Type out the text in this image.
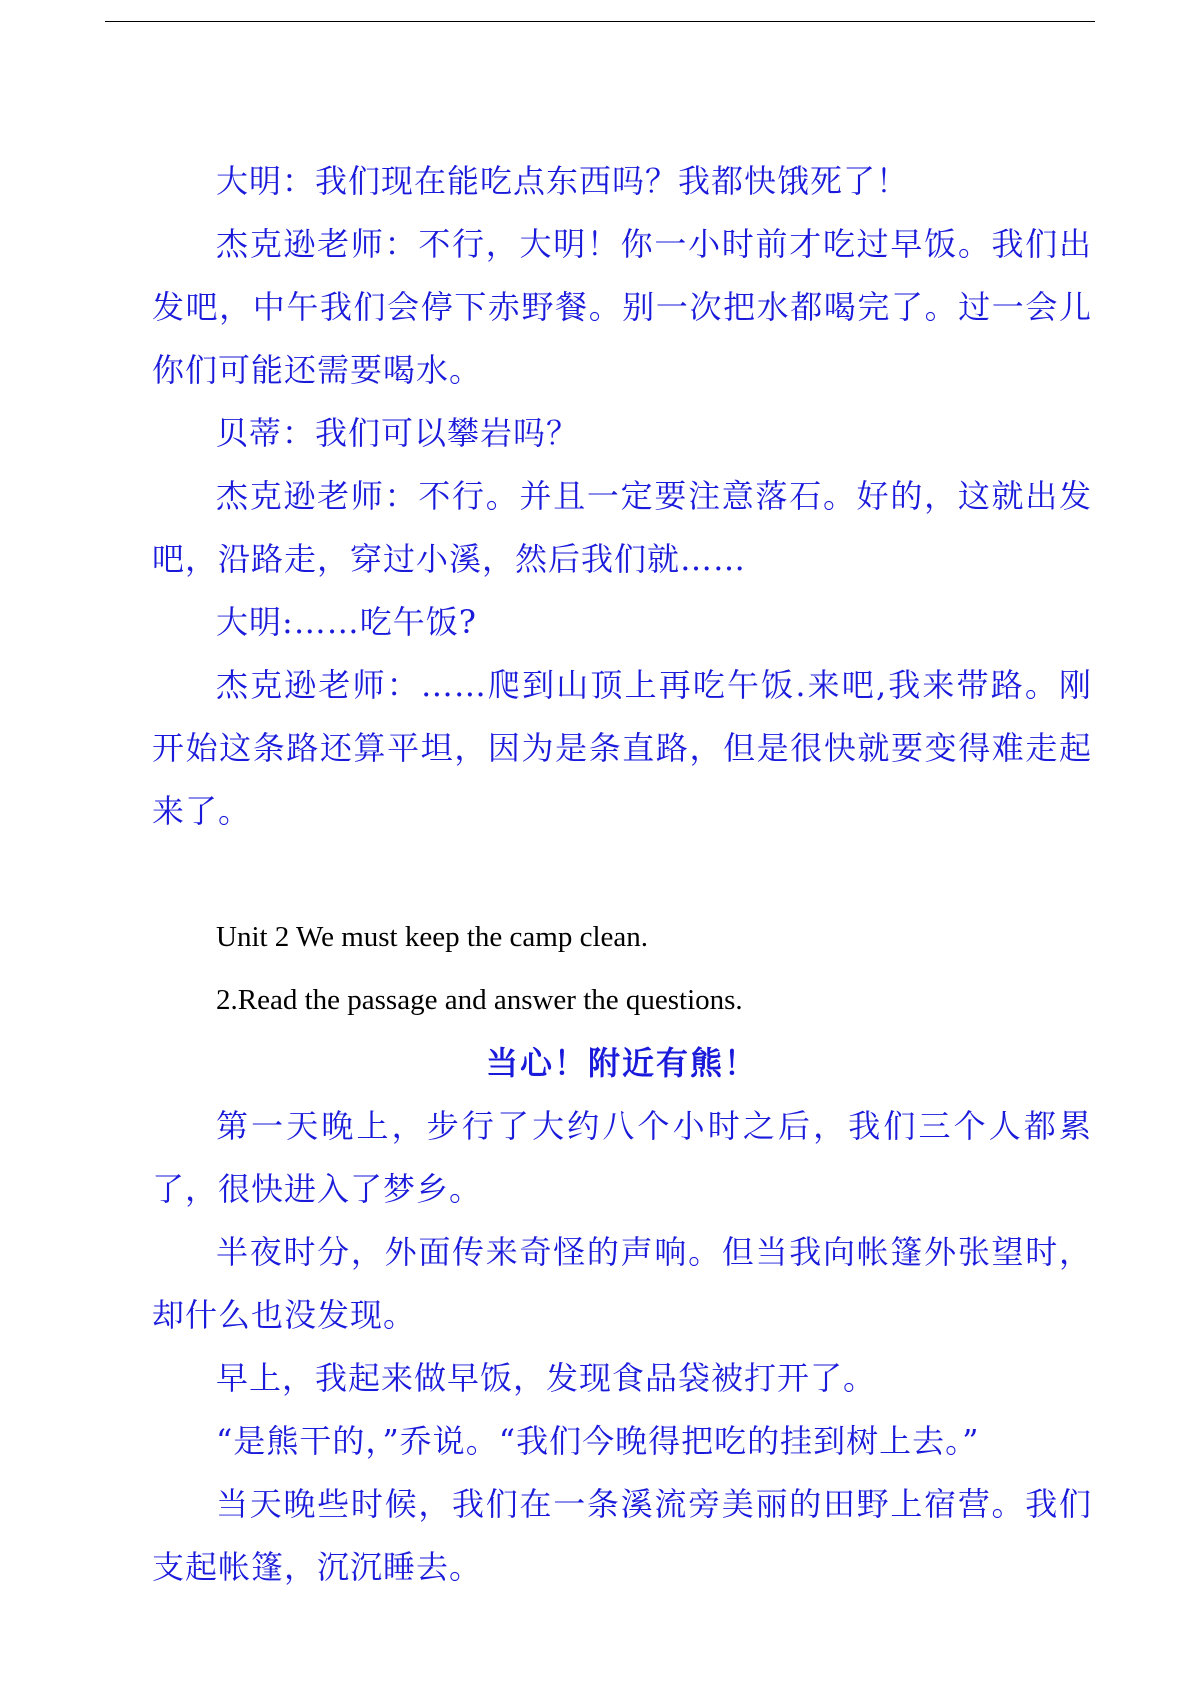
大明：我们现在能吃点东西吗？我都快饿死了！

杰克逊老师：不行，大明！你一小时前才吃过早饭。我们出发吧，中午我们会停下赤野餐。别一次把水都喝完了。过一会儿你们可能还需要喝水。

贝蒂：我们可以攀岩吗？

杰克逊老师：不行。并且一定要注意落石。好的，这就出发吧，沿路走，穿过小溪，然后我们就……

大明:……吃午饭?

杰克逊老师：……爬到山顶上再吃午饭.来吧,我来带路。刚开始这条路还算平坦，因为是条直路，但是很快就要变得难走起来了。

Unit 2 We must keep the camp clean.

2.Read the passage and answer the questions.

当心！附近有熊！

第一天晚上，步行了大约八个小时之后，我们三个人都累了，很快进入了梦乡。

半夜时分，外面传来奇怪的声响。但当我向帐篷外张望时，却什么也没发现。

早上，我起来做早饭，发现食品袋被打开了。

“是熊干的，”乔说。“我们今晚得把吃的挂到树上去。”

当天晚些时候，我们在一条溪流旁美丽的田野上宿营。我们支起帐篷，沉沉睡去。
